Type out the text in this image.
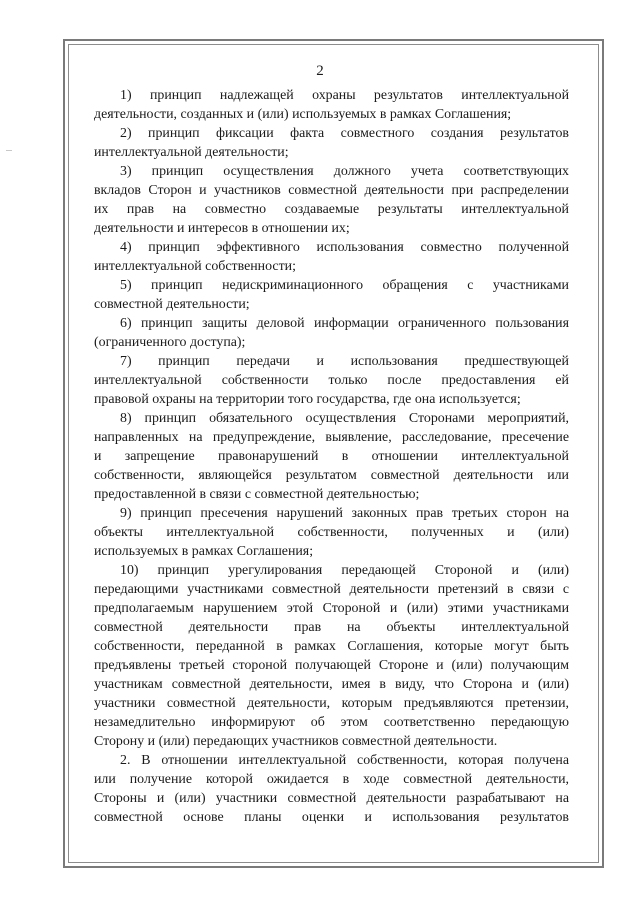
2
1) принцип надлежащей охраны результатов интеллектуальной
деятельности, созданных и (или) используемых в рамках Соглашения;
2) принцип фиксации факта совместного создания результатов
интеллектуальной деятельности;
3) принцип осуществления должного учета соответствующих
вкладов Сторон и участников совместной деятельности при распределении
их прав на совместно создаваемые результаты интеллектуальной
деятельности и интересов в отношении их;
4) принцип эффективного использования совместно полученной
интеллектуальной собственности;
5) принцип недискриминационного обращения с участниками
совместной деятельности;
6) принцип защиты деловой информации ограниченного пользования
(ограниченного доступа);
7) принцип передачи и использования предшествующей
интеллектуальной собственности только после предоставления ей
правовой охраны на территории того государства, где она используется;
8) принцип обязательного осуществления Сторонами мероприятий,
направленных на предупреждение, выявление, расследование, пресечение
и запрещение правонарушений в отношении интеллектуальной
собственности, являющейся результатом совместной деятельности или
предоставленной в связи с совместной деятельностью;
9) принцип пресечения нарушений законных прав третьих сторон на
объекты интеллектуальной собственности, полученных и (или)
используемых в рамках Соглашения;
10) принцип урегулирования передающей Стороной и (или)
передающими участниками совместной деятельности претензий в связи с
предполагаемым нарушением этой Стороной и (или) этими участниками
совместной деятельности прав на объекты интеллектуальной
собственности, переданной в рамках Соглашения, которые могут быть
предъявлены третьей стороной получающей Стороне и (или) получающим
участникам совместной деятельности, имея в виду, что Сторона и (или)
участники совместной деятельности, которым предъявляются претензии,
незамедлительно информируют об этом соответственно передающую
Сторону и (или) передающих участников совместной деятельности.
2. В отношении интеллектуальной собственности, которая получена
или получение которой ожидается в ходе совместной деятельности,
Стороны и (или) участники совместной деятельности разрабатывают на
совместной основе планы оценки и использования результатов
